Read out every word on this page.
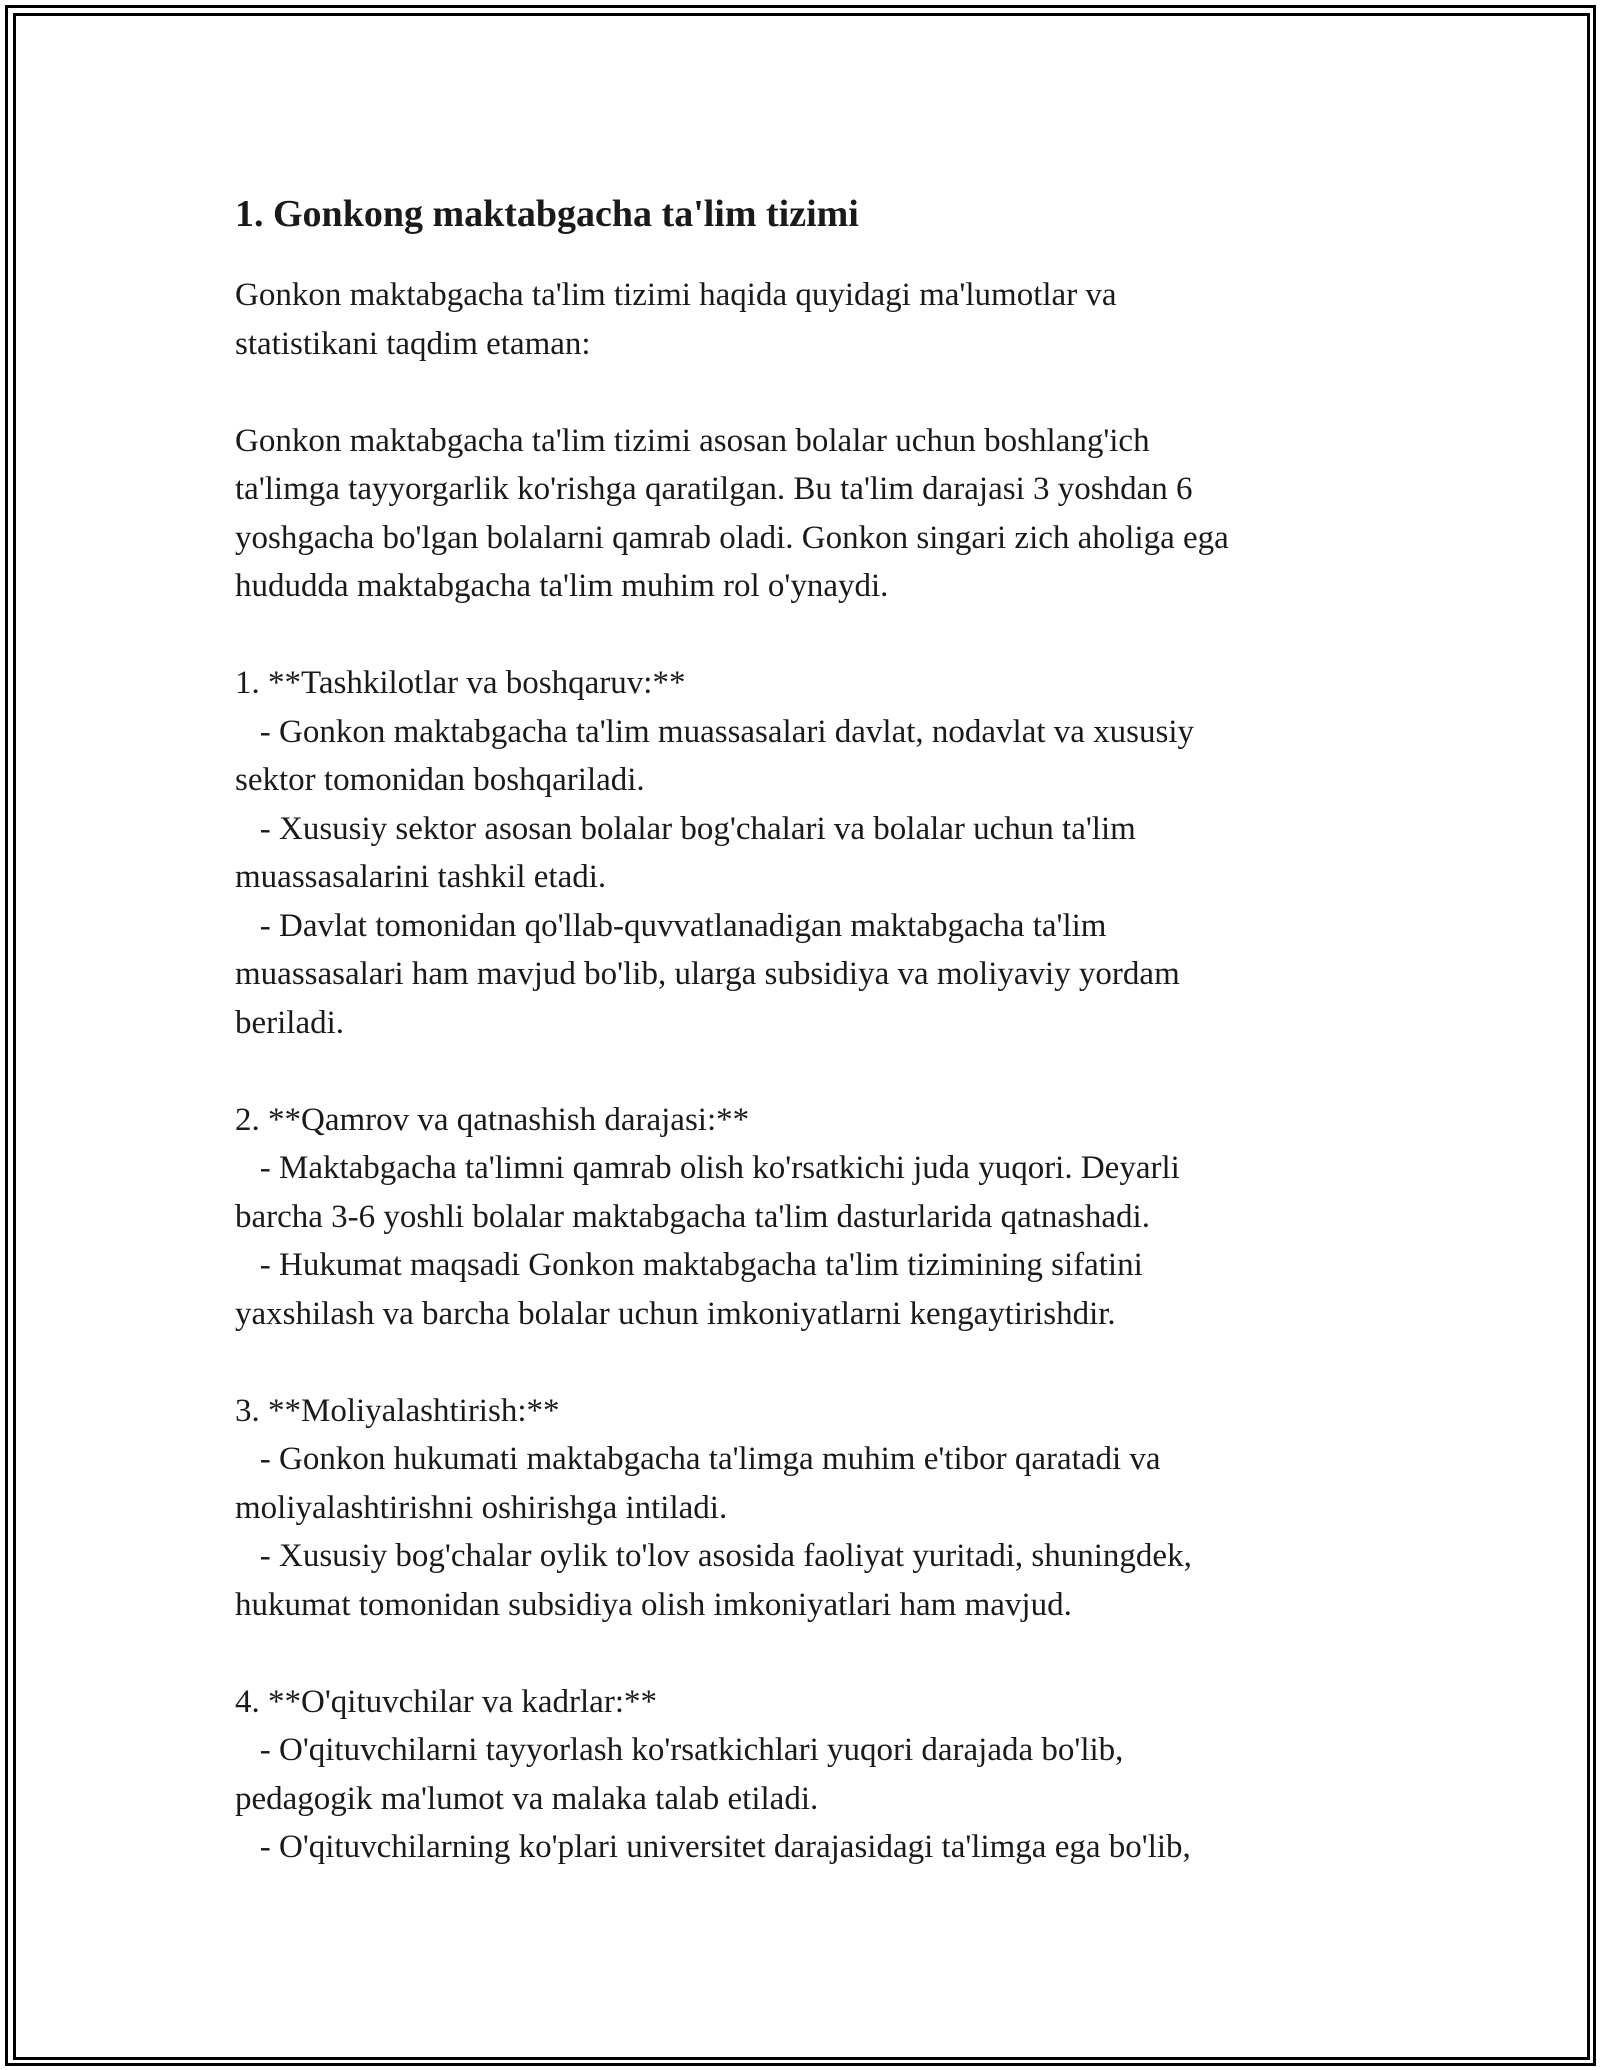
1. Gonkong maktabgacha ta'lim tizimi

Gonkon maktabgacha ta'lim tizimi haqida quyidagi ma'lumotlar va
statistikani taqdim etaman:

Gonkon maktabgacha ta'lim tizimi asosan bolalar uchun boshlang'ich
ta'limga tayyorgarlik ko'rishga qaratilgan. Bu ta'lim darajasi 3 yoshdan 6
yoshgacha bo'lgan bolalarni qamrab oladi. Gonkon singari zich aholiga ega
hududda maktabgacha ta'lim muhim rol o'ynaydi.

1. **Tashkilotlar va boshqaruv:**

- Gonkon maktabgacha ta'lim muassasalari davlat, nodavlat va xususiy
sektor tomonidan boshqariladi.

- Xususiy sektor asosan bolalar bog'chalari va bolalar uchun ta'lim
muassasalarini tashkil etadi.

- Davlat tomonidan qo'llab-quvvatlanadigan maktabgacha ta'lim
muassasalari ham mavjud bo'lib, ularga subsidiya va moliyaviy yordam
beriladi.

2. **Qamrov va qatnashish darajasi:**

- Maktabgacha ta'limni qamrab olish ko'rsatkichi juda yuqori. Deyarli
barcha 3-6 yoshli bolalar maktabgacha ta'lim dasturlarida qatnashadi.

- Hukumat maqsadi Gonkon maktabgacha ta'lim tizimining sifatini
yaxshilash va barcha bolalar uchun imkoniyatlarni kengaytirishdir.

3. **Moliyalashtirish:**

- Gonkon hukumati maktabgacha ta'limga muhim e'tibor qaratadi va
moliyalashtirishni oshirishga intiladi.

- Xususiy bog'chalar oylik to'lov asosida faoliyat yuritadi, shuningdek,
hukumat tomonidan subsidiya olish imkoniyatlari ham mavjud.

4. **O'qituvchilar va kadrlar:**

- O'qituvchilarni tayyorlash ko'rsatkichlari yuqori darajada bo'lib,
pedagogik ma'lumot va malaka talab etiladi.

- O'qituvchilarning ko'plari universitet darajasidagi ta'limga ega bo'lib,
